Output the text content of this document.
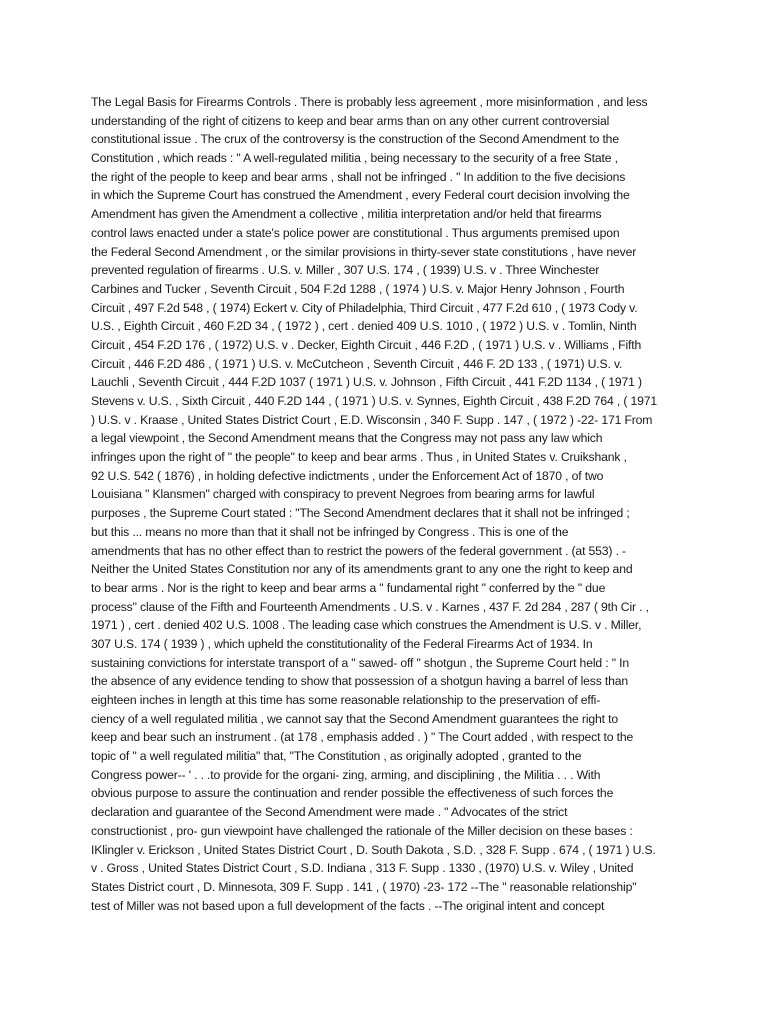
The Legal Basis for Firearms Controls . There is probably less agreement , more misinformation , and less
understanding of the right of citizens to keep and bear arms than on any other current controversial
constitutional issue . The crux of the controversy is the construction of the Second Amendment to the
Constitution , which reads : " A well-regulated militia , being necessary to the security of a free State ,
the right of the people to keep and bear arms , shall not be infringed . " In addition to the five decisions
in which the Supreme Court has construed the Amendment , every Federal court decision involving the
Amendment has given the Amendment a collective , militia interpretation and/or held that firearms
control laws enacted under a state's police power are constitutional . Thus arguments premised upon
the Federal Second Amendment , or the similar provisions in thirty-sever state constitutions , have never
prevented regulation of firearms . U.S. v. Miller , 307 U.S. 174 , ( 1939) U.S. v . Three Winchester
Carbines and Tucker , Seventh Circuit , 504 F.2d 1288 , ( 1974 ) U.S. v. Major Henry Johnson , Fourth
Circuit , 497 F.2d 548 , ( 1974) Eckert v. City of Philadelphia, Third Circuit , 477 F.2d 610 , ( 1973 Cody v.
U.S. , Eighth Circuit , 460 F.2D 34 , ( 1972 ) , cert . denied 409 U.S. 1010 , ( 1972 ) U.S. v . Tomlin, Ninth
Circuit , 454 F.2D 176 , ( 1972) U.S. v . Decker, Eighth Circuit , 446 F.2D , ( 1971 ) U.S. v . Williams , Fifth
Circuit , 446 F.2D 486 , ( 1971 ) U.S. v. McCutcheon , Seventh Circuit , 446 F. 2D 133 , ( 1971) U.S. v.
Lauchli , Seventh Circuit , 444 F.2D 1037 ( 1971 ) U.S. v. Johnson , Fifth Circuit , 441 F.2D 1134 , ( 1971 )
Stevens v. U.S. , Sixth Circuit , 440 F.2D 144 , ( 1971 ) U.S. v. Synnes, Eighth Circuit , 438 F.2D 764 , ( 1971
) U.S. v . Kraase , United States District Court , E.D. Wisconsin , 340 F. Supp . 147 , ( 1972 ) -22- 171 From
a legal viewpoint , the Second Amendment means that the Congress may not pass any law which
infringes upon the right of " the people" to keep and bear arms . Thus , in United States v. Cruikshank ,
92 U.S. 542 ( 1876) , in holding defective indictments , under the Enforcement Act of 1870 , of two
Louisiana " Klansmen" charged with conspiracy to prevent Negroes from bearing arms for lawful
purposes , the Supreme Court stated : "The Second Amendment declares that it shall not be infringed ;
but this ... means no more than that it shall not be infringed by Congress . This is one of the
amendments that has no other effect than to restrict the powers of the federal government . (at 553) . -
Neither the United States Constitution nor any of its amendments grant to any one the right to keep and
to bear arms . Nor is the right to keep and bear arms a " fundamental right " conferred by the " due
process" clause of the Fifth and Fourteenth Amendments . U.S. v . Karnes , 437 F. 2d 284 , 287 ( 9th Cir . ,
1971 ) , cert . denied 402 U.S. 1008 . The leading case which construes the Amendment is U.S. v . Miller,
307 U.S. 174 ( 1939 ) , which upheld the constitutionality of the Federal Firearms Act of 1934. In
sustaining convictions for interstate transport of a " sawed- off " shotgun , the Supreme Court held : " In
the absence of any evidence tending to show that possession of a shotgun having a barrel of less than
eighteen inches in length at this time has some reasonable relationship to the preservation of effi-
ciency of a well regulated militia , we cannot say that the Second Amendment guarantees the right to
keep and bear such an instrument . (at 178 , emphasis added . ) " The Court added , with respect to the
topic of " a well regulated militia" that, "The Constitution , as originally adopted , granted to the
Congress power-- ' . . .to provide for the organi- zing, arming, and disciplining , the Militia . . . With
obvious purpose to assure the continuation and render possible the effectiveness of such forces the
declaration and guarantee of the Second Amendment were made . " Advocates of the strict
constructionist , pro- gun viewpoint have challenged the rationale of the Miller decision on these bases :
IKlingler v. Erickson , United States District Court , D. South Dakota , S.D. , 328 F. Supp . 674 , ( 1971 ) U.S.
v . Gross , United States District Court , S.D. Indiana , 313 F. Supp . 1330 , (1970) U.S. v. Wiley , United
States District court , D. Minnesota, 309 F. Supp . 141 , ( 1970) -23- 172 --The " reasonable relationship"
test of Miller was not based upon a full development of the facts . --The original intent and concept
